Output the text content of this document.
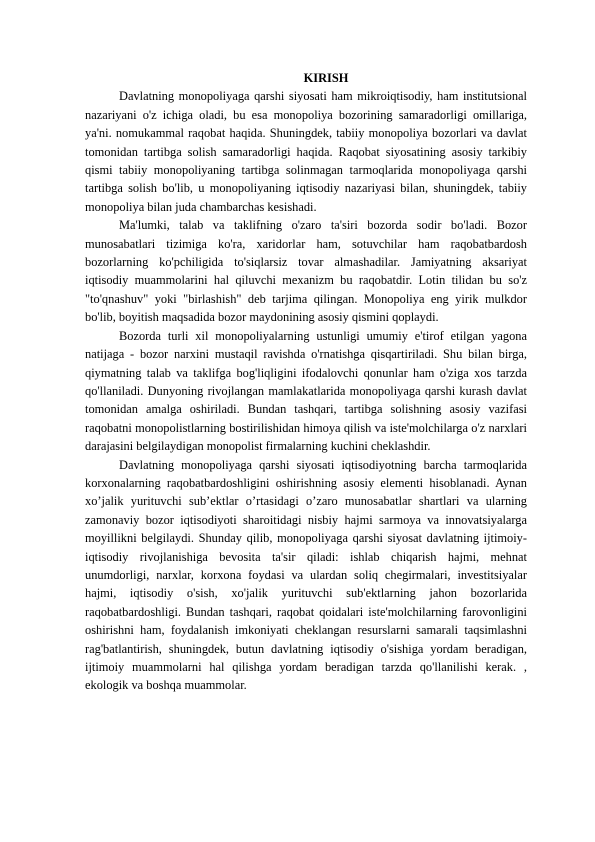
KIRISH

Davlatning monopoliyaga qarshi siyosati ham mikroiqtisodiy, ham institutsional nazariyani o'z ichiga oladi, bu esa monopoliya bozorining samaradorligi omillariga, ya'ni. nomukammal raqobat haqida. Shuningdek, tabiiy monopoliya bozorlari va davlat tomonidan tartibga solish samaradorligi haqida. Raqobat siyosatining asosiy tarkibiy qismi tabiiy monopoliyaning tartibga solinmagan tarmoqlarida monopoliyaga qarshi tartibga solish bo'lib, u monopoliyaning iqtisodiy nazariyasi bilan, shuningdek, tabiiy monopoliya bilan juda chambarchas kesishadi.

Ma'lumki, talab va taklifning o'zaro ta'siri bozorda sodir bo'ladi. Bozor munosabatlari tizimiga ko'ra, xaridorlar ham, sotuvchilar ham raqobatbardosh bozorlarning ko'pchiligida to'siqlarsiz tovar almashadilar. Jamiyatning aksariyat iqtisodiy muammolarini hal qiluvchi mexanizm bu raqobatdir. Lotin tilidan bu so'z "to'qnashuv" yoki "birlashish" deb tarjima qilingan. Monopoliya eng yirik mulkdor bo'lib, boyitish maqsadida bozor maydonining asosiy qismini qoplaydi.

Bozorda turli xil monopoliyalarning ustunligi umumiy e'tirof etilgan yagona natijaga - bozor narxini mustaqil ravishda o'rnatishga qisqartiriladi. Shu bilan birga, qiymatning talab va taklifga bog'liqligini ifodalovchi qonunlar ham o'ziga xos tarzda qo'llaniladi. Dunyoning rivojlangan mamlakatlarida monopoliyaga qarshi kurash davlat tomonidan amalga oshiriladi. Bundan tashqari, tartibga solishning asosiy vazifasi raqobatni monopolistlarning bostirilishidan himoya qilish va iste'molchilarga o'z narxlari darajasini belgilaydigan monopolist firmalarning kuchini cheklashdir.

Davlatning monopoliyaga qarshi siyosati iqtisodiyotning barcha tarmoqlarida korxonalarning raqobatbardoshligini oshirishning asosiy elementi hisoblanadi. Aynan xo’jalik yurituvchi sub’ektlar o’rtasidagi o’zaro munosabatlar shartlari va ularning zamonaviy bozor iqtisodiyoti sharoitidagi nisbiy hajmi sarmoya va innovatsiyalarga moyillikni belgilaydi. Shunday qilib, monopoliyaga qarshi siyosat davlatning ijtimoiy-iqtisodiy rivojlanishiga bevosita ta'sir qiladi: ishlab chiqarish hajmi, mehnat unumdorligi, narxlar, korxona foydasi va ulardan soliq chegirmalari, investitsiyalar hajmi, iqtisodiy o'sish, xo'jalik yurituvchi sub'ektlarning jahon bozorlarida raqobatbardoshligi. Bundan tashqari, raqobat qoidalari iste'molchilarning farovonligini oshirishni ham, foydalanish imkoniyati cheklangan resurslarni samarali taqsimlashni rag'batlantirish, shuningdek, butun davlatning iqtisodiy o'sishiga yordam beradigan, ijtimoiy muammolarni hal qilishga yordam beradigan tarzda qo'llanilishi kerak. , ekologik va boshqa muammolar.
